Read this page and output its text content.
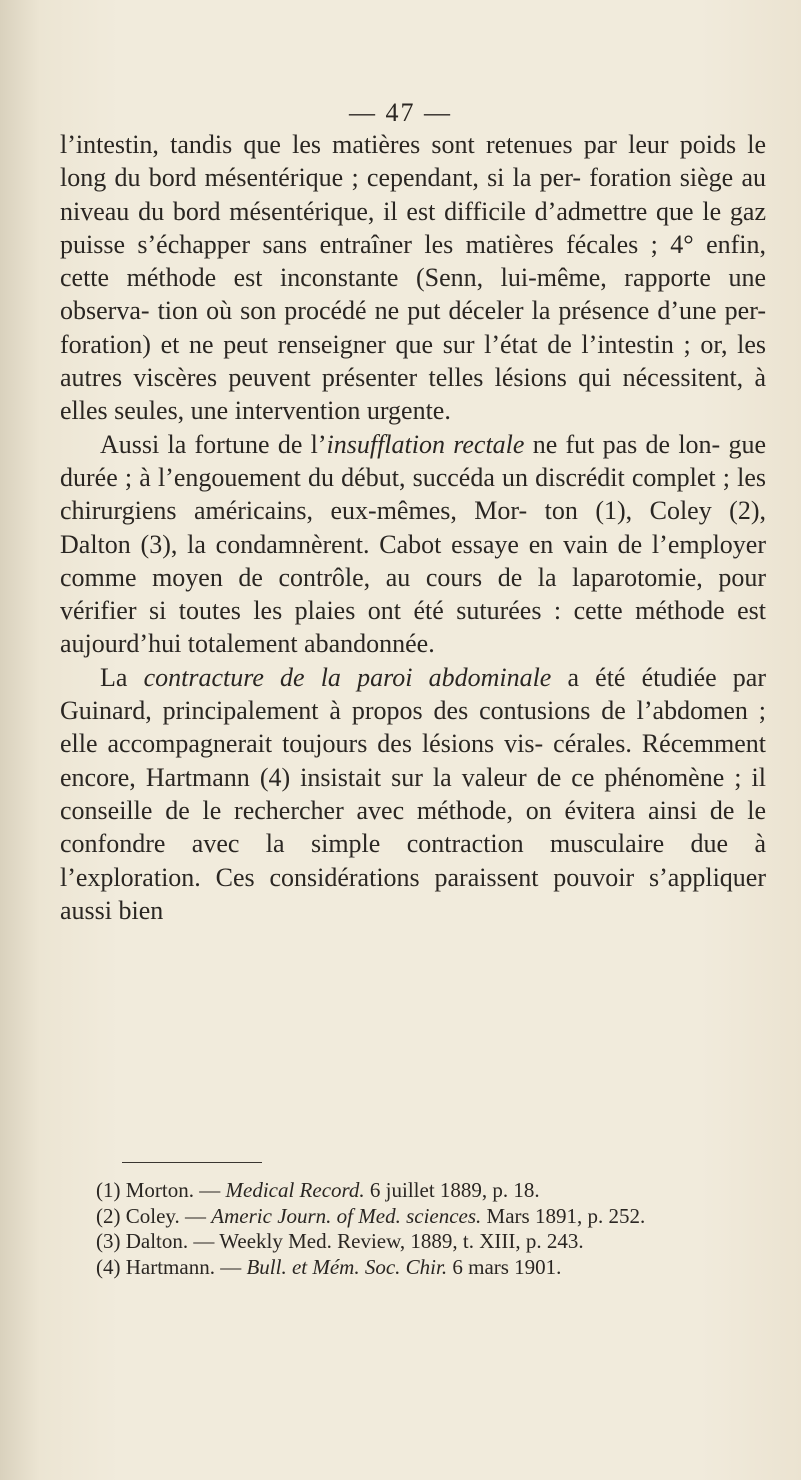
— 47 —

l’intestin, tandis que les matières sont retenues par leur poids le long du bord mésentérique ; cependant, si la per- foration siège au niveau du bord mésentérique, il est difficile d’admettre que le gaz puisse s’échapper sans entraîner les matières fécales ; 4° enfin, cette méthode est inconstante (Senn, lui-même, rapporte une observa- tion où son procédé ne put déceler la présence d’une per- foration) et ne peut renseigner que sur l’état de l’intestin ; or, les autres viscères peuvent présenter telles lésions qui nécessitent, à elles seules, une intervention urgente.

Aussi la fortune de l’insufflation rectale ne fut pas de lon- gue durée ; à l’engouement du début, succéda un discrédit complet ; les chirurgiens américains, eux-mêmes, Mor- ton (1), Coley (2), Dalton (3), la condamnèrent. Cabot essaye en vain de l’employer comme moyen de contrôle, au cours de la laparotomie, pour vérifier si toutes les plaies ont été suturées : cette méthode est aujourd’hui totalement abandonnée.

La contracture de la paroi abdominale a été étudiée par Guinard, principalement à propos des contusions de l’abdomen ; elle accompagnerait toujours des lésions vis- cérales. Récemment encore, Hartmann (4) insistait sur la valeur de ce phénomène ; il conseille de le rechercher avec méthode, on évitera ainsi de le confondre avec la simple contraction musculaire due à l’exploration. Ces considérations paraissent pouvoir s’appliquer aussi bien

(1) Morton. — Medical Record. 6 juillet 1889, p. 18.
(2) Coley. — Americ Journ. of Med. sciences. Mars 1891, p. 252.
(3) Dalton. — Weekly Med. Review, 1889, t. XIII, p. 243.
(4) Hartmann. — Bull. et Mém. Soc. Chir. 6 mars 1901.
